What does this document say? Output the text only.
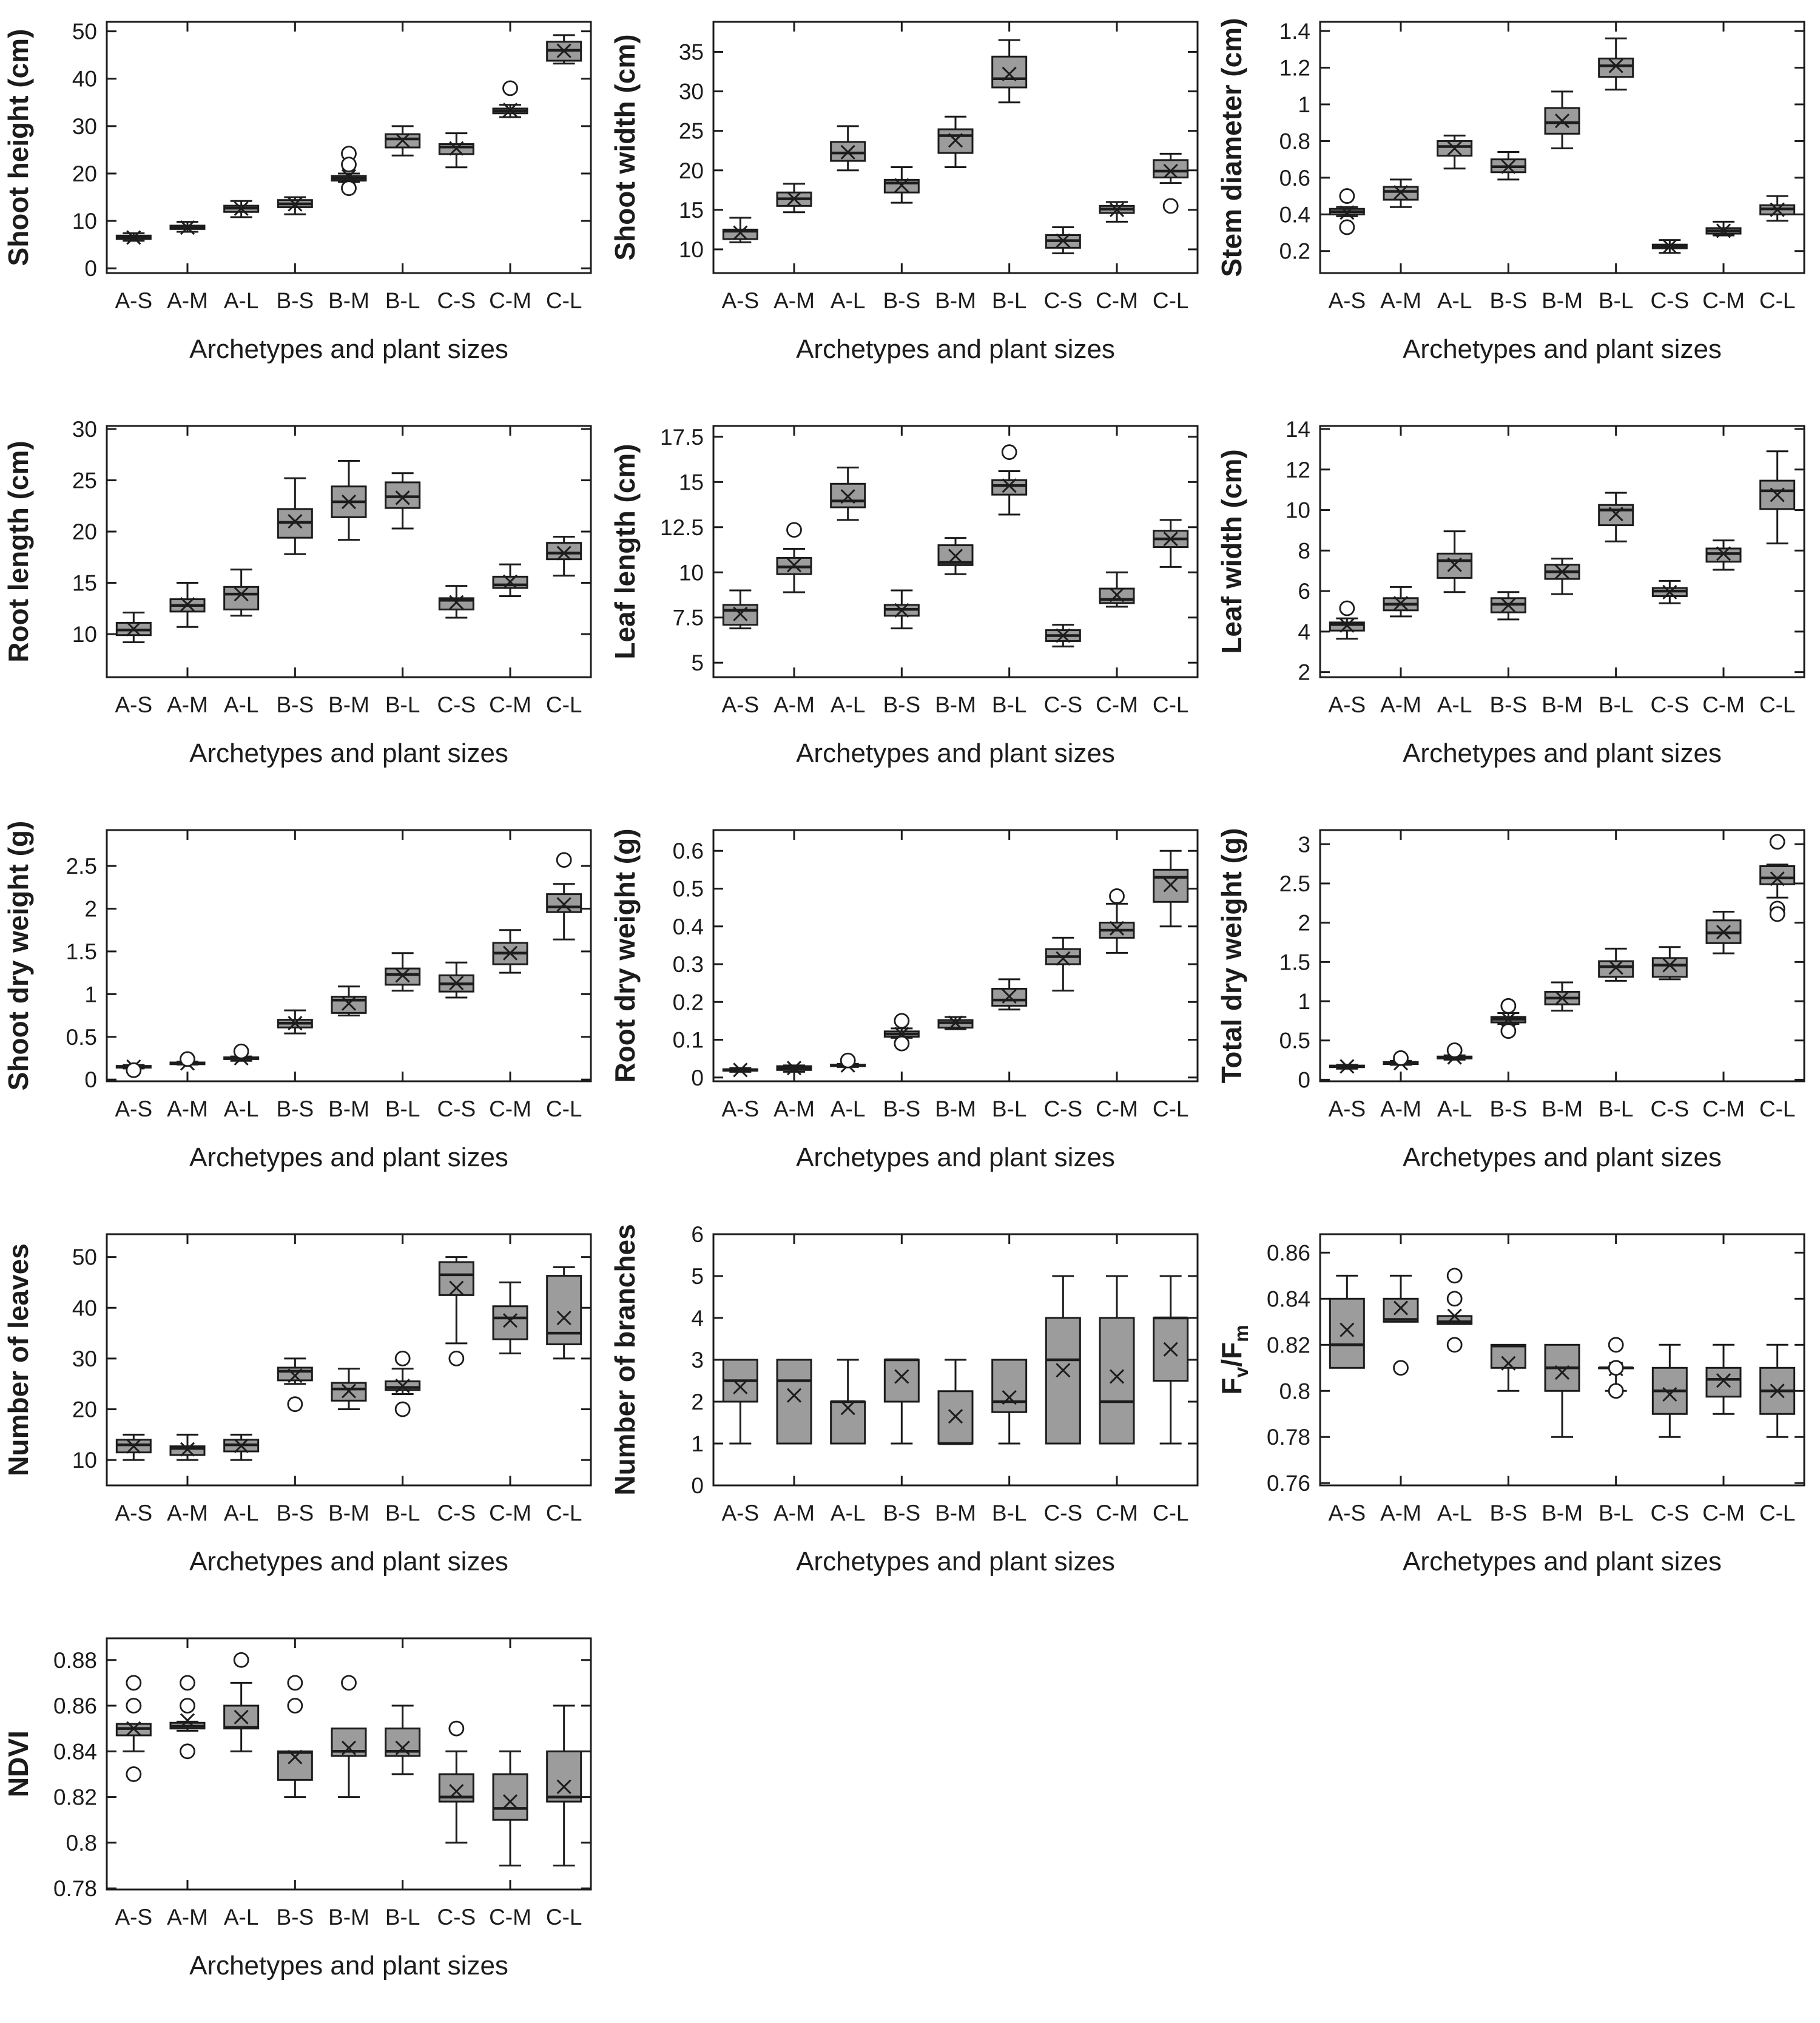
0
10
20
30
40
50
A-S A-M A-L B-S B-M B-L C-S C-M C-L
Archetypes and plant sizes
Shoot height (cm)	10
15
20
25
30
35
A-S A-M A-L B-S B-M B-L C-S C-M C-L
Archetypes and plant sizes
Shoot width (cm)	0.2
0.4
0.6
0.8
1
1.2
1.4
A-S A-M A-L B-S B-M B-L C-S C-M C-L
Archetypes and plant sizes
Stem diameter (cm)
10
15
20
25
30
A-S A-M A-L B-S B-M B-L C-S C-M C-L
Archetypes and plant sizes
Root length (cm)
5
7.5
10
12.5
15
17.5
A-S A-M A-L B-S B-M B-L C-S C-M C-L
Archetypes and plant sizes
Leaf length (cm)
2
4
6
8
10
12
14
A-S A-M A-L B-S B-M B-L C-S C-M C-L
Archetypes and plant sizes
Leaf width (cm)
0
0.5
1
1.5
2
2.5
A-S A-M A-L B-S B-M B-L C-S C-M C-L
Archetypes and plant sizes
Shoot dry weight (g)	0
0.1
0.2
0.3
0.4
0.5
0.6
A-S A-M A-L B-S B-M B-L C-S C-M C-L
Archetypes and plant sizes
Root dry weight (g)	0
0.5
1
1.5
2
2.5
3
A-S A-M A-L B-S B-M B-L C-S C-M C-L
Archetypes and plant sizes
Total dry weight (g)
10
20
30
40
50
A-S A-M A-L B-S B-M B-L C-S C-M C-L
Archetypes and plant sizes
Number of leaves
0
1
2
3
4
5
6
A-S A-M A-L B-S B-M B-L C-S C-M C-L
Archetypes and plant sizes
Number of branches	0.76
0.78
0.8
0.82
0.84
0.86
A-S A-M A-L B-S B-M B-L C-S C-M C-L
Archetypes and plant sizes
$F_v/F_m$
0.78
0.8
0.82
0.84
0.86
0.88
A-S A-M A-L B-S B-M B-L C-S C-M C-L
Archetypes and plant sizes
NDVI
